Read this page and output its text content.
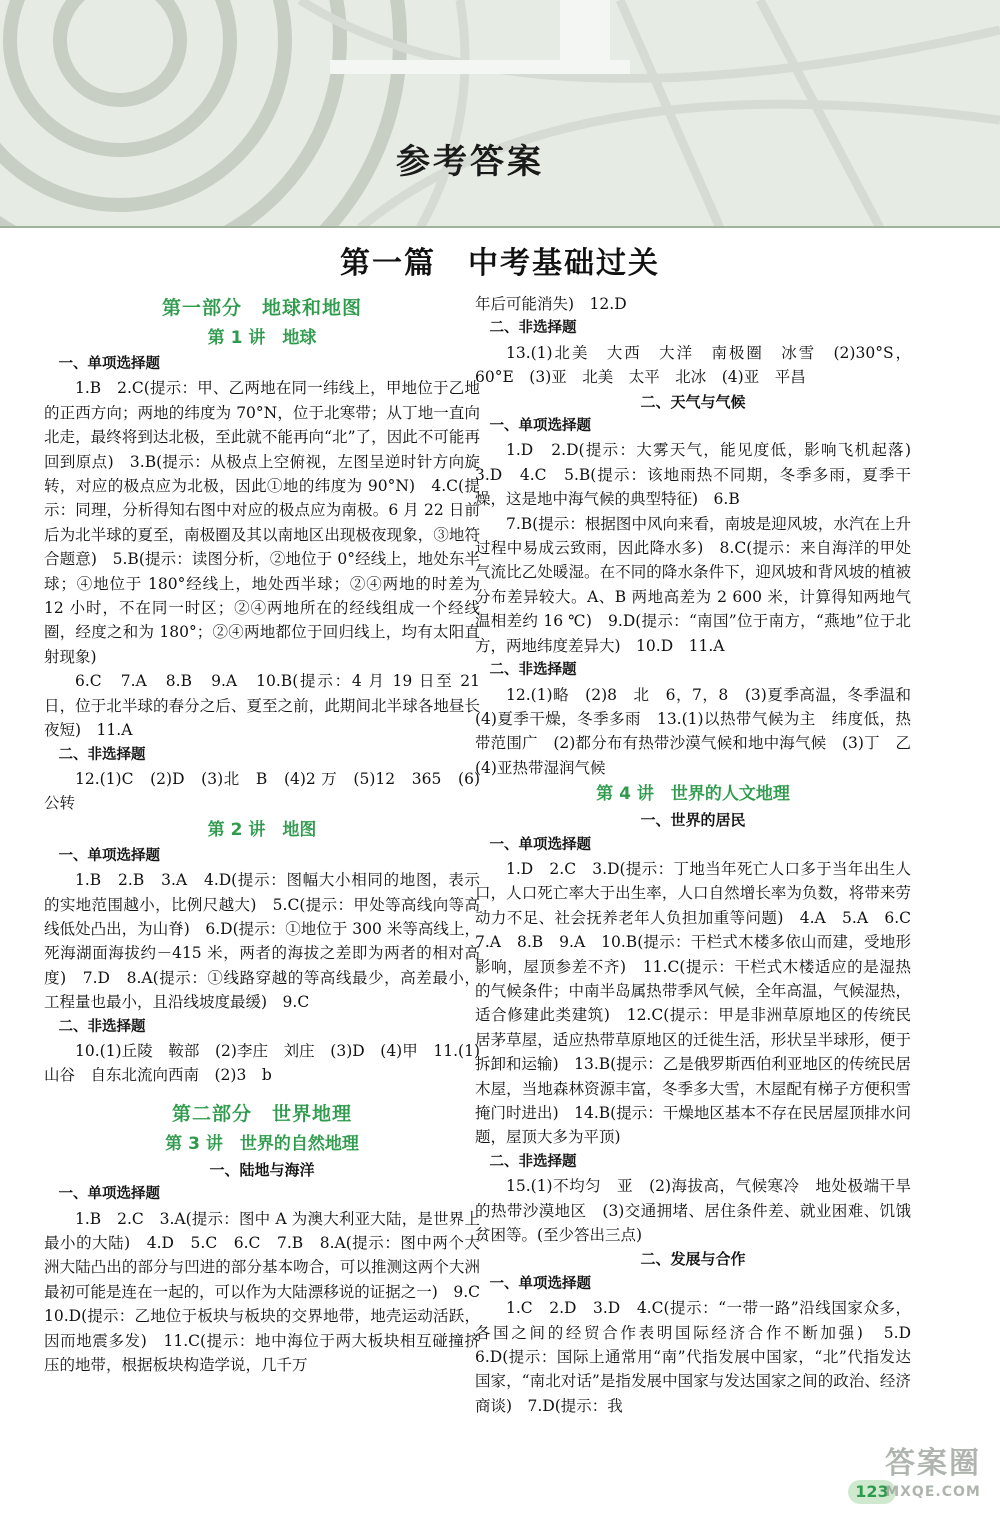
参考答案
第一篇　中考基础过关

第一部分　地球和地图

第 1 讲　地球

一、单项选择题

1.B　2.C(提示：甲、乙两地在同一纬线上，甲地位于乙地的正西方向；两地的纬度为 70°N，位于北寒带；从丁地一直向北走，最终将到达北极，至此就不能再向“北”了，因此不可能再回到原点)　3.B(提示：从极点上空俯视，左图呈逆时针方向旋转，对应的极点应为北极，因此①地的纬度为 90°N)　4.C(提示：同理，分析得知右图中对应的极点应为南极。6 月 22 日前后为北半球的夏至，南极圈及其以南地区出现极夜现象，③地符合题意)　5.B(提示：读图分析，②地位于 0°经线上，地处东半球；④地位于 180°经线上，地处西半球；②④两地的时差为 12 小时，不在同一时区；②④两地所在的经线组成一个经线圈，经度之和为 180°；②④两地都位于回归线上，均有太阳直射现象)

6.C　7.A　8.B　9.A　10.B(提示：4 月 19 日至 21 日，位于北半球的春分之后、夏至之前，此期间北半球各地昼长夜短)　11.A

二、非选择题

12.(1)C　(2)D　(3)北　B　(4)2 万　(5)12　365　(6)公转

第 2 讲　地图

一、单项选择题

1.B　2.B　3.A　4.D(提示：图幅大小相同的地图，表示的实地范围越小，比例尺越大)　5.C(提示：甲处等高线向等高线低处凸出，为山脊)　6.D(提示：①地位于 300 米等高线上，死海湖面海拔约－415 米，两者的海拔之差即为两者的相对高度)　7.D　8.A(提示：①线路穿越的等高线最少，高差最小，工程量也最小，且沿线坡度最缓)　9.C

二、非选择题

10.(1)丘陵　鞍部　(2)李庄　刘庄　(3)D　(4)甲　11.(1)山谷　自东北流向西南　(2)3　b

第二部分　世界地理

第 3 讲　世界的自然地理

一、陆地与海洋

一、单项选择题

1.B　2.C　3.A(提示：图中 A 为澳大利亚大陆，是世界上最小的大陆)　4.D　5.C　6.C　7.B　8.A(提示：图中两个大洲大陆凸出的部分与凹进的部分基本吻合，可以推测这两个大洲最初可能是连在一起的，可以作为大陆漂移说的证据之一)　9.C　10.D(提示：乙地位于板块与板块的交界地带，地壳运动活跃，因而地震多发)　11.C(提示：地中海位于两大板块相互碰撞挤压的地带，根据板块构造学说，几千万

年后可能消失)　12.D

二、非选择题

13.(1)北美　大西　大洋　南极圈　冰雪　(2)30°S，60°E　(3)亚　北美　太平　北冰　(4)亚　平昌

二、天气与气候

一、单项选择题

1.D　2.D(提示：大雾天气，能见度低，影响飞机起落)　3.D　4.C　5.B(提示：该地雨热不同期，冬季多雨，夏季干燥，这是地中海气候的典型特征)　6.B

7.B(提示：根据图中风向来看，南坡是迎风坡，水汽在上升过程中易成云致雨，因此降水多)　8.C(提示：来自海洋的甲处气流比乙处暖湿。在不同的降水条件下，迎风坡和背风坡的植被分布差异较大。A、B 两地高差为 2 600 米，计算得知两地气温相差约 16 ℃)　9.D(提示：“南国”位于南方，“燕地”位于北方，两地纬度差异大)　10.D　11.A

二、非选择题

12.(1)略　(2)8　北　6，7，8　(3)夏季高温，冬季温和　(4)夏季干燥，冬季多雨　13.(1)以热带气候为主　纬度低，热带范围广　(2)都分布有热带沙漠气候和地中海气候　(3)丁　乙　(4)亚热带湿润气候

第 4 讲　世界的人文地理

一、世界的居民

一、单项选择题

1.D　2.C　3.D(提示：丁地当年死亡人口多于当年出生人口，人口死亡率大于出生率，人口自然增长率为负数，将带来劳动力不足、社会抚养老年人负担加重等问题)　4.A　5.A　6.C　7.A　8.B　9.A　10.B(提示：干栏式木楼多依山而建，受地形影响，屋顶参差不齐)　11.C(提示：干栏式木楼适应的是湿热的气候条件；中南半岛属热带季风气候，全年高温，气候湿热，适合修建此类建筑)　12.C(提示：甲是非洲草原地区的传统民居茅草屋，适应热带草原地区的迁徙生活，形状呈半球形，便于拆卸和运输)　13.B(提示：乙是俄罗斯西伯利亚地区的传统民居木屋，当地森林资源丰富，冬季多大雪，木屋配有梯子方便积雪掩门时进出)　14.B(提示：干燥地区基本不存在民居屋顶排水问题，屋顶大多为平顶)

二、非选择题

15.(1)不均匀　亚　(2)海拔高，气候寒冷　地处极端干旱的热带沙漠地区　(3)交通拥堵、居住条件差、就业困难、饥饿贫困等。(至少答出三点)

二、发展与合作

一、单项选择题

1.C　2.D　3.D　4.C(提示：“一带一路”沿线国家众多，各国之间的经贸合作表明国际经济合作不断加强)　5.D　6.D(提示：国际上通常用“南”代指发展中国家，“北”代指发达国家，“南北对话”是指发展中国家与发达国家之间的政治、经济商谈)　7.D(提示：我

123
答案圈
MXQE.COM
